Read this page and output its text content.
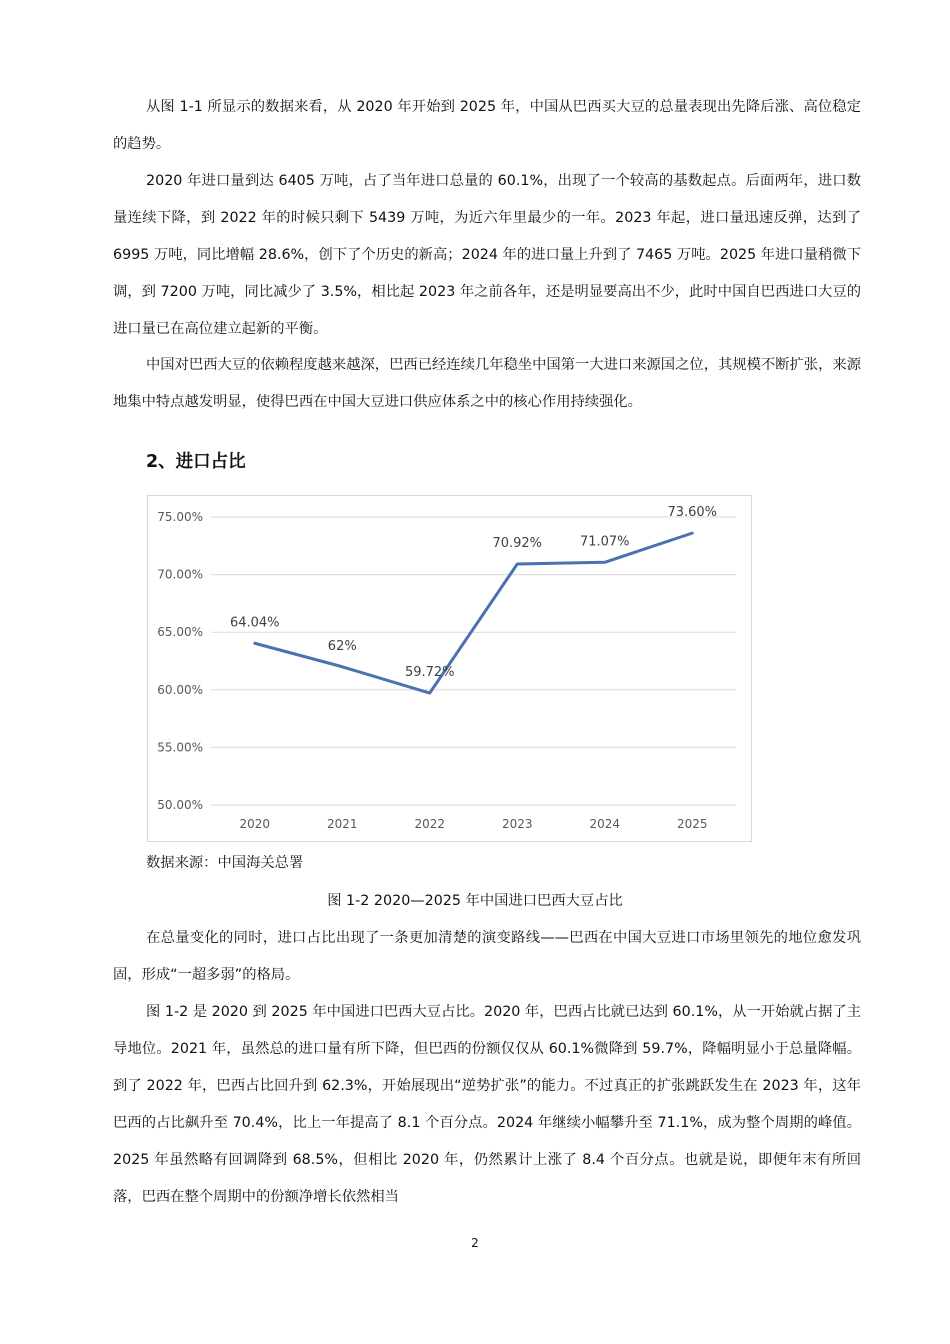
从图 1-1 所显示的数据来看，从 2020 年开始到 2025 年，中国从巴西买大豆的总量表现出先降后涨、高位稳定的趋势。

2020 年进口量到达 6405 万吨，占了当年进口总量的 60.1%，出现了一个较高的基数起点。后面两年，进口数量连续下降，到 2022 年的时候只剩下 5439 万吨，为近六年里最少的一年。2023 年起，进口量迅速反弹，达到了 6995 万吨，同比增幅 28.6%，创下了个历史的新高；2024 年的进口量上升到了 7465 万吨。2025 年进口量稍微下调，到 7200 万吨，同比减少了 3.5%，相比起 2023 年之前各年，还是明显要高出不少，此时中国自巴西进口大豆的进口量已在高位建立起新的平衡。

中国对巴西大豆的依赖程度越来越深，巴西已经连续几年稳坐中国第一大进口来源国之位，其规模不断扩张，来源地集中特点越发明显，使得巴西在中国大豆进口供应体系之中的核心作用持续强化。

2、进口占比

75.00%
70.00%
65.00%
60.00%
55.00%
50.00%
2020	2021	2022	2023	2024	2025
64.04%
62%
59.72%
70.92%	71.07%
73.60%

数据来源：中国海关总署

图 1-2 2020—2025 年中国进口巴西大豆占比

在总量变化的同时，进口占比出现了一条更加清楚的演变路线——巴西在中国大豆进口市场里领先的地位愈发巩固，形成“一超多弱”的格局。

图 1-2 是 2020 到 2025 年中国进口巴西大豆占比。2020 年，巴西占比就已达到 60.1%，从一开始就占据了主导地位。2021 年，虽然总的进口量有所下降，但巴西的份额仅仅从 60.1%微降到 59.7%，降幅明显小于总量降幅。到了 2022 年，巴西占比回升到 62.3%，开始展现出“逆势扩张”的能力。不过真正的扩张跳跃发生在 2023 年，这年巴西的占比飙升至 70.4%，比上一年提高了 8.1 个百分点。2024 年继续小幅攀升至 71.1%，成为整个周期的峰值。2025 年虽然略有回调降到 68.5%，但相比 2020 年，仍然累计上涨了 8.4 个百分点。也就是说，即便年末有所回落，巴西在整个周期中的份额净增长依然相当

2
